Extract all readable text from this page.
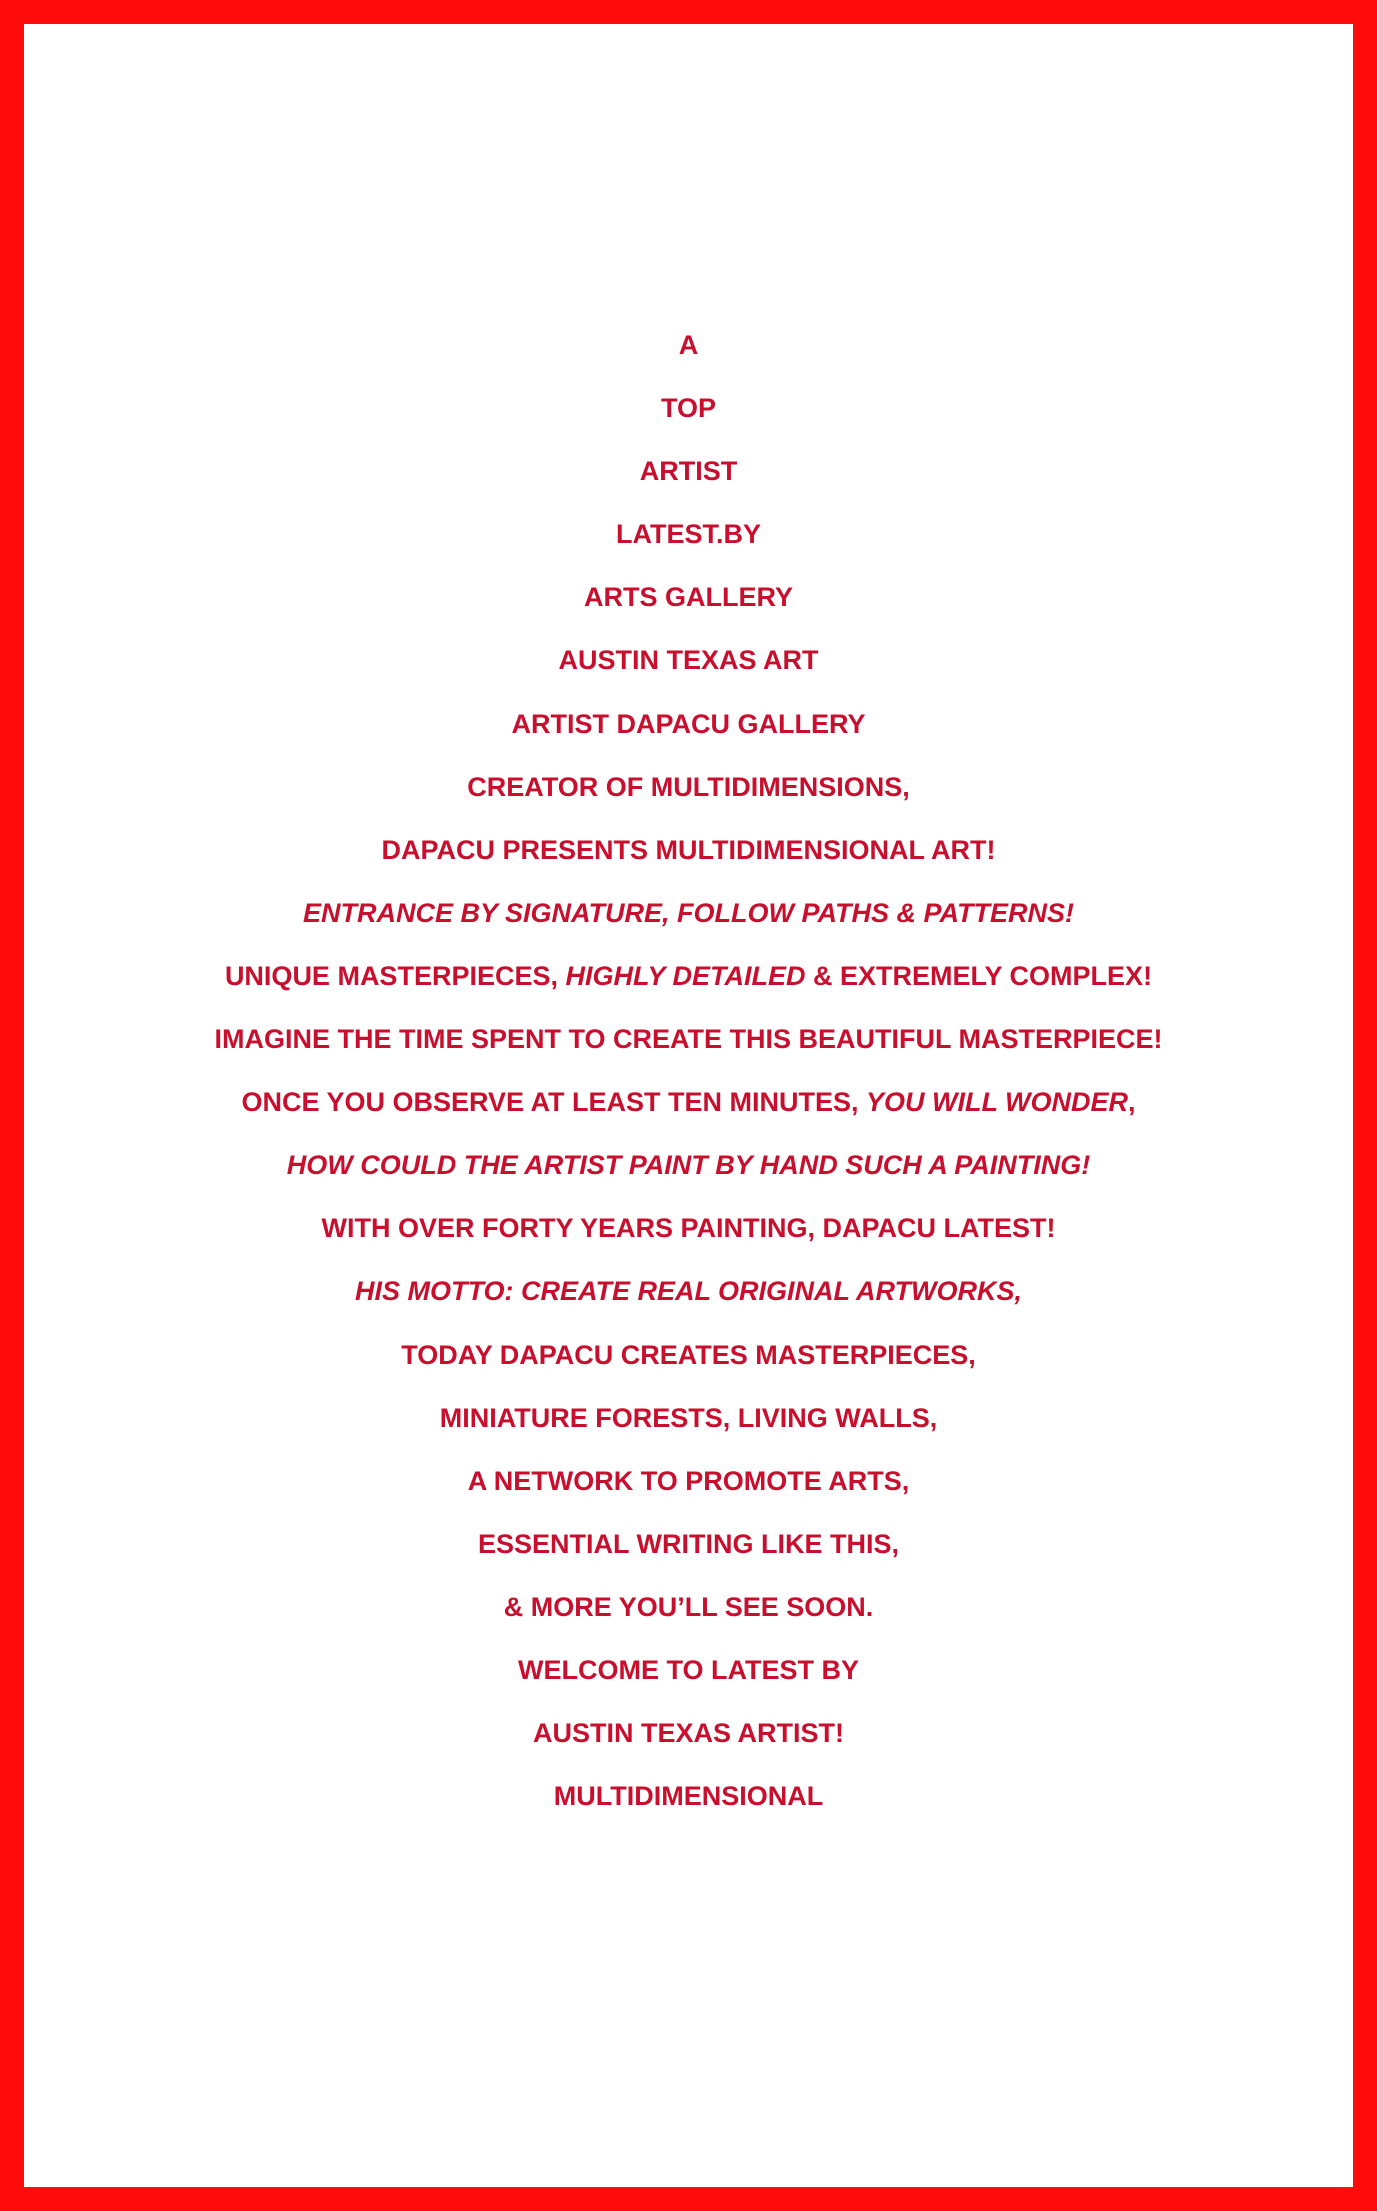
A
TOP
ARTIST
LATEST.BY
ARTS GALLERY
AUSTIN TEXAS ART
ARTIST DAPACU GALLERY
CREATOR OF MULTIDIMENSIONS,
DAPACU PRESENTS MULTIDIMENSIONAL ART!
ENTRANCE BY SIGNATURE, FOLLOW PATHS & PATTERNS!
UNIQUE MASTERPIECES, HIGHLY DETAILED & EXTREMELY COMPLEX!
IMAGINE THE TIME SPENT TO CREATE THIS BEAUTIFUL MASTERPIECE!
ONCE YOU OBSERVE AT LEAST TEN MINUTES, YOU WILL WONDER,
HOW COULD THE ARTIST PAINT BY HAND SUCH A PAINTING!
WITH OVER FORTY YEARS PAINTING, DAPACU LATEST!
HIS MOTTO: CREATE REAL ORIGINAL ARTWORKS,
TODAY DAPACU CREATES MASTERPIECES,
MINIATURE FORESTS, LIVING WALLS,
A NETWORK TO PROMOTE ARTS,
ESSENTIAL WRITING LIKE THIS,
& MORE YOU’LL SEE SOON.
WELCOME TO LATEST BY
AUSTIN TEXAS ARTIST!
MULTIDIMENSIONAL
